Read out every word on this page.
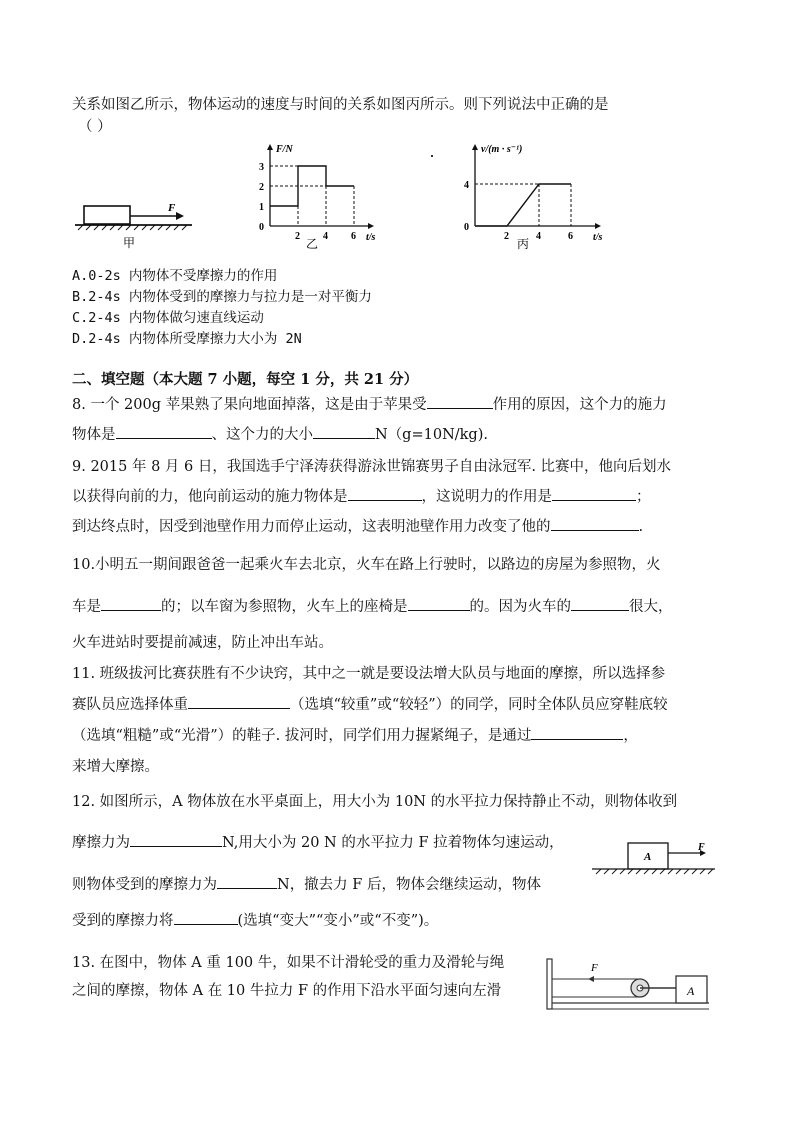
关系如图乙所示，物体运动的速度与时间的关系如图丙所示。则下列说法中正确的是
（ ）
F
甲
F/N
t/s
0
1
2
3
2 4 6
乙
v/(m · s⁻¹)
t/s
0
4
2	4	6
丙
A.0-2s 内物体不受摩擦力的作用
B.2-4s 内物体受到的摩擦力与拉力是一对平衡力
C.2-4s 内物体做匀速直线运动
D.2-4s 内物体所受摩擦力大小为 2N
二、填空题（本大题 7 小题，每空 1 分，共 21 分）
8. 一个 200g 苹果熟了果向地面掉落，这是由于苹果受	作用的原因，这个力的施力
物体是	、这个力的大小	N（g=10N/kg).
9. 2015 年 8 月 6 日，我国选手宁泽涛获得游泳世锦赛男子自由泳冠军. 比赛中，他向后划水
以获得向前的力，他向前运动的施力物体是	，这说明力的作用是	；
到达终点时，因受到池壁作用力而停止运动，这表明池壁作用力改变了他的	.
10.小明五一期间跟爸爸一起乘火车去北京，火车在路上行驶时，以路边的房屋为参照物，火
车是	的；以车窗为参照物，火车上的座椅是	的。因为火车的	很大，
火车进站时要提前减速，防止冲出车站。
11. 班级拔河比赛获胜有不少诀窍，其中之一就是要设法增大队员与地面的摩擦，所以选择参
赛队员应选择体重	（选填“较重”或“较轻”）的同学，同时全体队员应穿鞋底较
（选填“粗糙”或“光滑”）的鞋子. 拔河时，同学们用力握紧绳子，是通过	，
来增大摩擦。
12. 如图所示，A 物体放在水平桌面上，用大小为 10N 的水平拉力保持静止不动，则物体收到
摩擦力为	N,用大小为 20 N 的水平拉力 F 拉着物体匀速运动，
则物体受到的摩擦力为	N，撤去力 F 后，物体会继续运动，物体
受到的摩擦力将	(选填“变大”“变小”或“不变”)。
A
F
13. 在图中，物体 A 重 100 牛，如果不计滑轮受的重力及滑轮与绳
之间的摩擦，物体 A 在 10 牛拉力 F 的作用下沿水平面匀速向左滑
F
A
